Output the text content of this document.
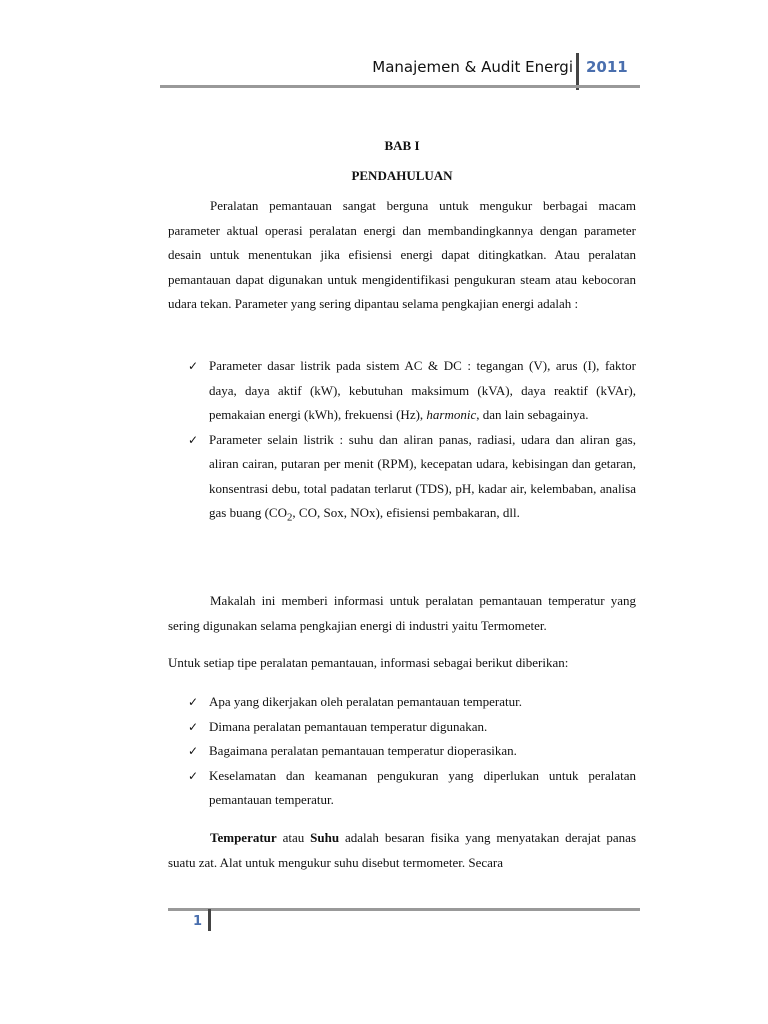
Manajemen & Audit Energi 2011
BAB I
PENDAHULUAN

Peralatan pemantauan sangat berguna untuk mengukur berbagai macam parameter aktual operasi peralatan energi dan membandingkannya dengan parameter desain untuk menentukan jika efisiensi energi dapat ditingkatkan. Atau peralatan pemantauan dapat digunakan untuk mengidentifikasi pengukuran steam atau kebocoran udara tekan. Parameter yang sering dipantau selama pengkajian energi adalah :

✓ Parameter dasar listrik pada sistem AC & DC : tegangan (V), arus (I), faktor daya, daya aktif (kW), kebutuhan maksimum (kVA), daya reaktif (kVAr), pemakaian energi (kWh), frekuensi (Hz), harmonic, dan lain sebagainya.
✓ Parameter selain listrik : suhu dan aliran panas, radiasi, udara dan aliran gas, aliran cairan, putaran per menit (RPM), kecepatan udara, kebisingan dan getaran, konsentrasi debu, total padatan terlarut (TDS), pH, kadar air, kelembaban, analisa gas buang ($CO_2$, CO, Sox, NOx), efisiensi pembakaran, dll.

Makalah ini memberi informasi untuk peralatan pemantauan temperatur yang sering digunakan selama pengkajian energi di industri yaitu Termometer.

Untuk setiap tipe peralatan pemantauan, informasi sebagai berikut diberikan:

✓ Apa yang dikerjakan oleh peralatan pemantauan temperatur.
✓ Dimana peralatan pemantauan temperatur digunakan.
✓ Bagaimana peralatan pemantauan temperatur dioperasikan.
✓ Keselamatan dan keamanan pengukuran yang diperlukan untuk peralatan pemantauan temperatur.

Temperatur atau Suhu adalah besaran fisika yang menyatakan derajat panas suatu zat. Alat untuk mengukur suhu disebut termometer. Secara

1
